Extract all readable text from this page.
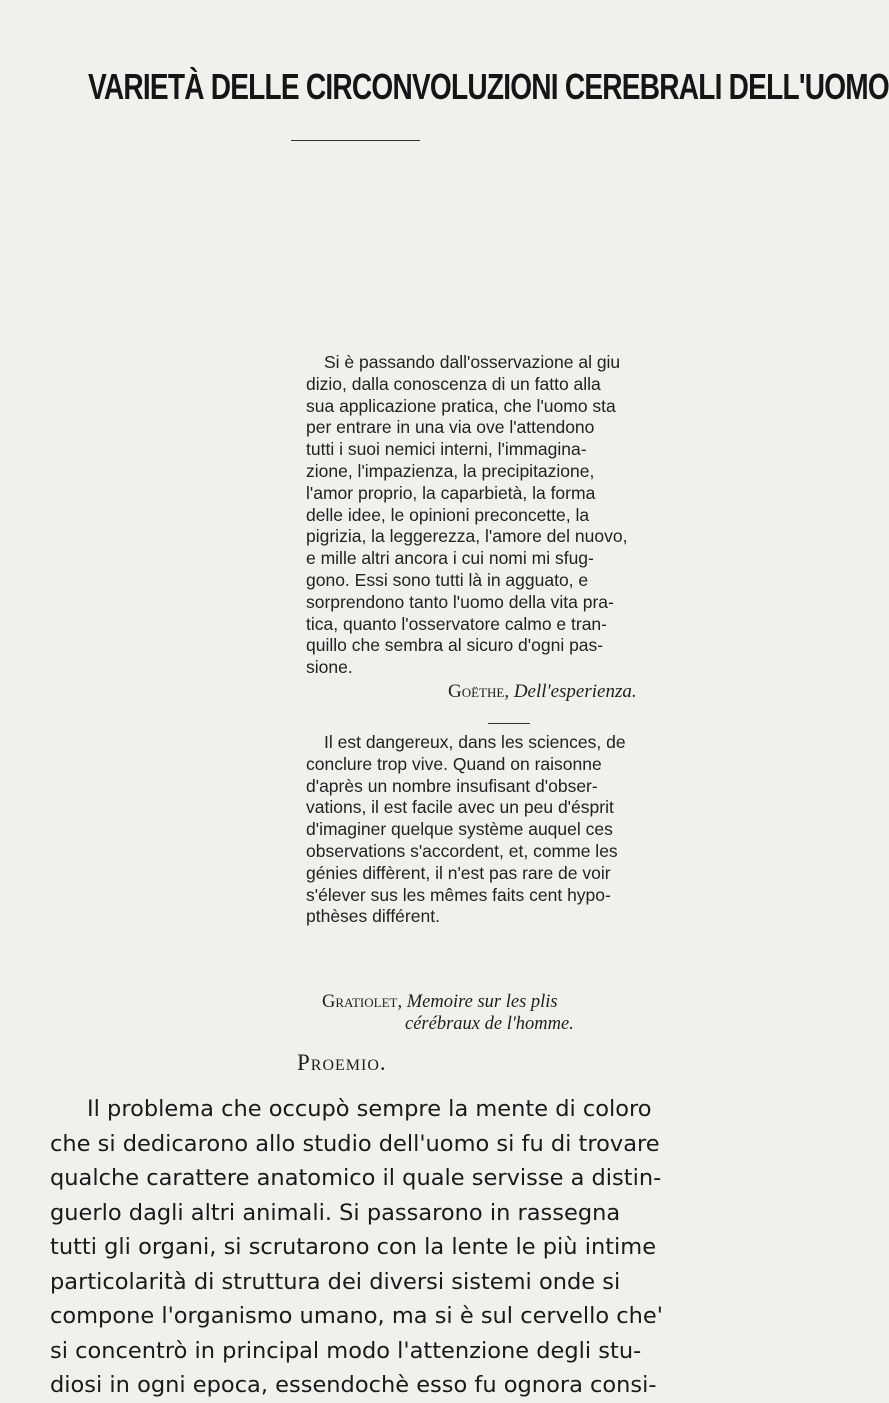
VARIETÀ DELLE CIRCONVOLUZIONI CEREBRALI DELL'UOMO
Si è passando dall'osservazione al giu
dizio, dalla conoscenza di un fatto alla
sua applicazione pratica, che l'uomo sta
per entrare in una via ove l'attendono
tutti i suoi nemici interni, l'immagina-
zione, l'impazienza, la precipitazione,
l'amor proprio, la caparbietà, la forma
delle idee, le opinioni preconcette, la
pigrizia, la leggerezza, l'amore del nuovo,
e mille altri ancora i cui nomi mi sfug-
gono. Essi sono tutti là in agguato, e
sorprendono tanto l'uomo della vita pra-
tica, quanto l'osservatore calmo e tran-
quillo che sembra al sicuro d'ogni pas-
sione.
Goëthe, Dell'esperienza.
Il est dangereux, dans les sciences, de
conclure trop vive. Quand on raisonne
d'après un nombre insufisant d'obser-
vations, il est facile avec un peu d'ésprit
d'imaginer quelque système auquel ces
observations s'accordent, et, comme les
génies diffèrent, il n'est pas rare de voir
s'élever sus les mêmes faits cent hypo-
pthèses différent.
Gratiolet, Memoire sur les plis
cérébraux de l'homme.
Proemio.
Il problema che occupò sempre la mente di coloro
che si dedicarono allo studio dell'uomo si fu di trovare
qualche carattere anatomico il quale servisse a distin-
guerlo dagli altri animali. Si passarono in rassegna
tutti gli organi, si scrutarono con la lente le più intime
particolarità di struttura dei diversi sistemi onde si
compone l'organismo umano, ma si è sul cervello che'
si concentrò in principal modo l'attenzione degli stu-
diosi in ogni epoca, essendochè esso fu ognora consi-
